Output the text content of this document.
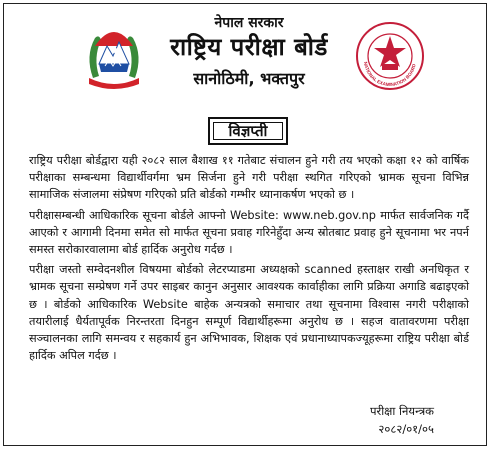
नेपाल सरकार
राष्ट्रिय परीक्षा बोर्ड
सानोठिमी, भक्तपुर
NATIONAL EXAMINATION BOARD
विज्ञप्ती

राष्ट्रिय परीक्षा बोर्डद्वारा यही २०८२ साल बैशाख ११ गतेबाट संचालन हुने गरी तय भएको कक्षा १२ को वार्षिक परीक्षाका सम्बन्धमा विद्यार्थीवर्गमा भ्रम सिर्जना हुने गरी परीक्षा स्थगित गरिएको भ्रामक सूचना विभिन्न सामाजिक संजालमा संप्रेषण गरिएको प्रति बोर्डको गम्भीर ध्यानाकर्षण भएको छ ।

परीक्षासम्बन्धी आधिकारिक सूचना बोर्डले आफ्नो Website: www.neb.gov.np मार्फत सार्वजनिक गर्दै आएको र आगामी दिनमा समेत सो मार्फत सूचना प्रवाह गरिनेहुँदा अन्य स्रोतबाट प्रवाह हुने सूचनामा भर नपर्न समस्त सरोकारवालामा बोर्ड हार्दिक अनुरोध गर्दछ ।

परीक्षा जस्तो सम्वेदनशील विषयमा बोर्डको लेटरप्याडमा अध्यक्षको scanned हस्ताक्षर राखी अनधिकृत र भ्रामक सूचना सम्प्रेषण गर्ने उपर साइबर कानुन अनुसार आवश्यक कार्वाहीका लागि प्रक्रिया अगाडि बढाइएको छ । बोर्डको आधिकारिक Website बाहेक अन्यत्रको समाचार तथा सूचनामा विश्वास नगरी परीक्षाको तयारीलाई धैर्यतापूर्वक निरन्तरता दिनहुन सम्पूर्ण विद्यार्थीहरूमा अनुरोध छ । सहज वातावरणमा परीक्षा सञ्चालनका लागि समन्वय र सहकार्य हुन अभिभावक, शिक्षक एवं प्रधानाध्यापकज्यूहरूमा राष्ट्रिय परीक्षा बोर्ड हार्दिक अपिल गर्दछ ।

परीक्षा नियन्त्रक
२०८२/०१/०५
